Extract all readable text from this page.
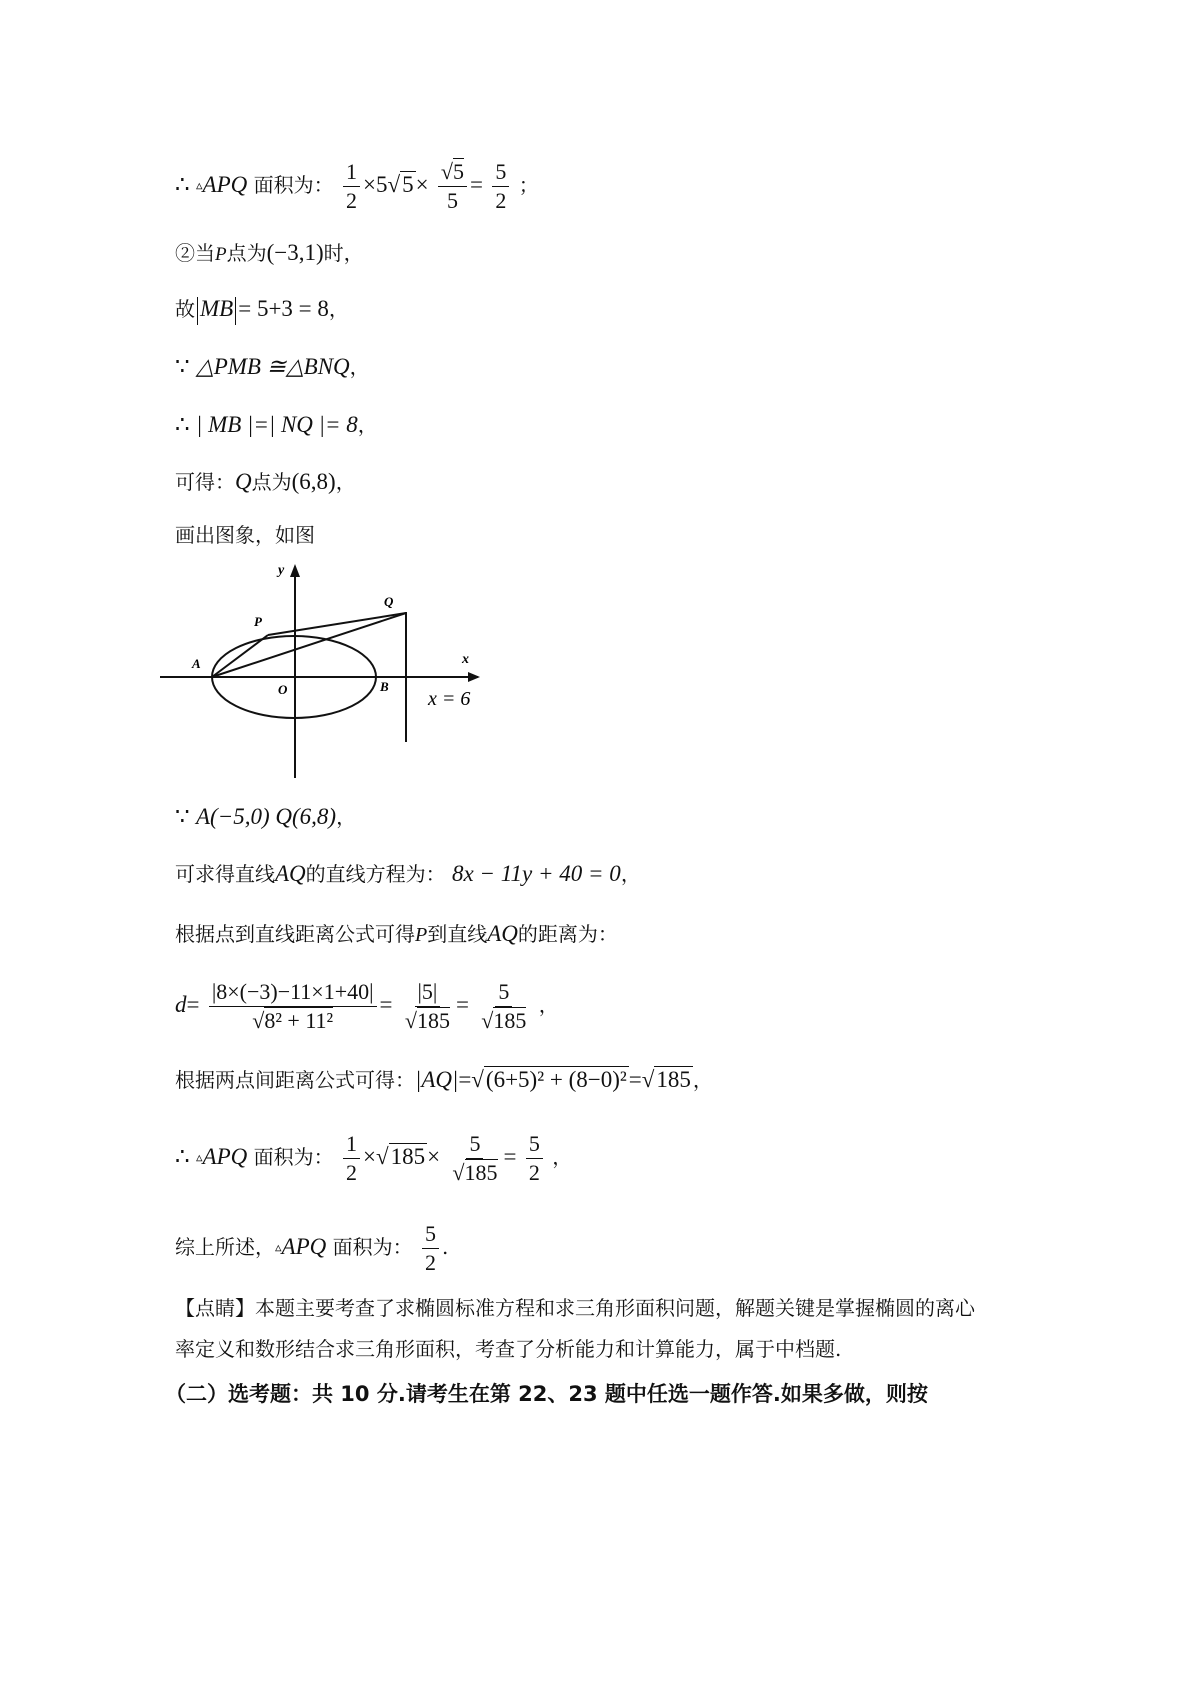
∴ ▵APQ 面积为： $\frac{1}{2} \times 5√5\times \frac{√5}{5} = \frac{5}{2}$ ；
②当P点为(−3,1)时，
故 MB = 5+3 = 8，
∵ △PMB ≅△BNQ，
∴ | MB |=| NQ |= 8，
可得：Q点为(6,8)，
画出图象，如图
x
y
P
Q
A
O	B
x = 6
∵ A(−5,0) Q(6,8)，
可求得直线AQ的直线方程为： 8x − 11y + 40 = 0，
根据点到直线距离公式可得P到直线AQ的距离为：
$d= \frac{|8\times(-3)-11\times 1+40|}{\text{√8² + 11²}} = \frac{|5|}{√185} = \frac{5}{√185}$ ，
根据两点间距离公式可得：|AQ|=√(6+5)² + (8−0)²=√185 ，
∴ ▵APQ 面积为： $\frac{1}{2} \times√185\times \frac{5}{√185} = \frac{5}{2}$ ，
综上所述，▵APQ 面积为： $\frac{5}{2}$ .
【点睛】本题主要考查了求椭圆标准方程和求三角形面积问题，解题关键是掌握椭圆的离心
率定义和数形结合求三角形面积，考查了分析能力和计算能力，属于中档题.
（二）选考题：共 10 分.请考生在第 22、23 题中任选一题作答.如果多做，则按
